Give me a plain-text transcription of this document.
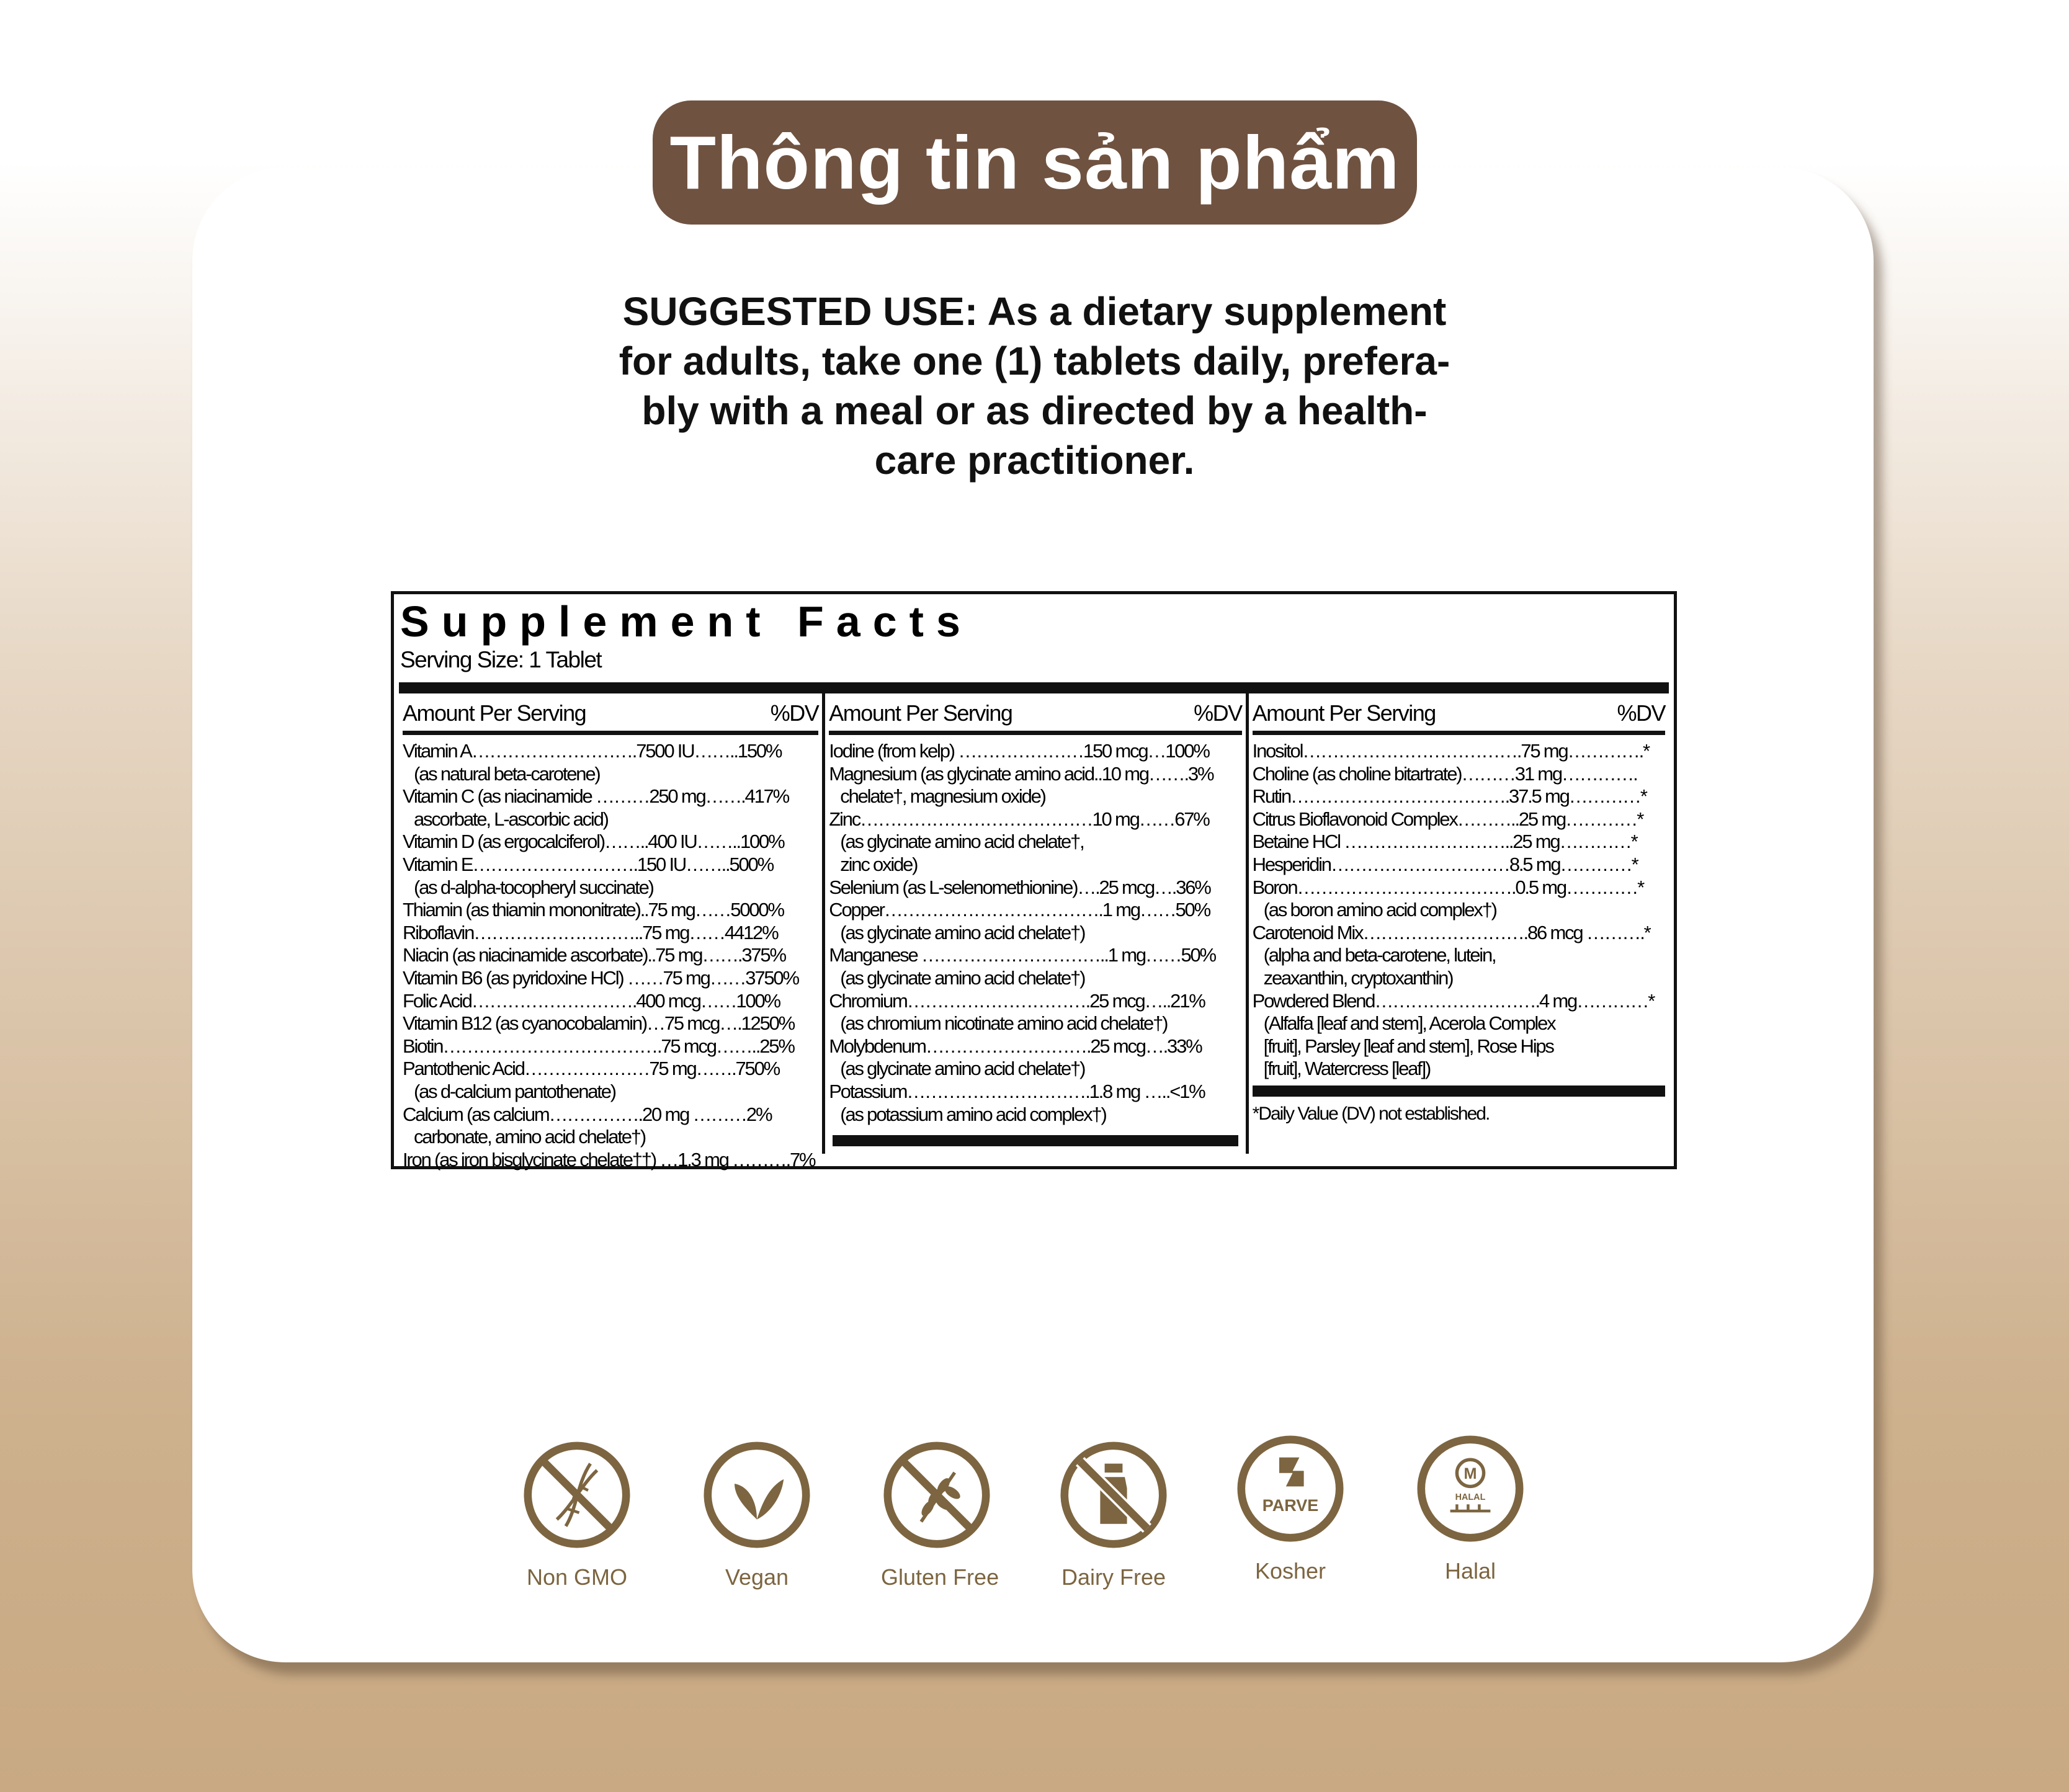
Thông tin sản phẩm
SUGGESTED USE: As a dietary supplement
for adults, take one (1) tablets daily, prefera-
bly with a meal or as directed by a health-
care practitioner.
Supplement Facts
Serving Size: 1 Tablet
Amount Per Serving	%DV
Vitamin A……………………….7500 IU……..150%
(as natural beta-carotene)
Vitamin C (as niacinamide ………250 mg…….417%
ascorbate, L-ascorbic acid)
Vitamin D (as ergocalciferol)……..400 IU……..100%
Vitamin E……………………….150 IU……..500%
(as d-alpha-tocopheryl succinate)
Thiamin (as thiamin mononitrate)..75 mg……5000%
Riboflavin………………………..75 mg……4412%
Niacin (as niacinamide ascorbate)..75 mg…….375%
Vitamin B6 (as pyridoxine HCl) ……75 mg……3750%
Folic Acid……………………….400 mcg……100%
Vitamin B12 (as cyanocobalamin)…75 mcg….1250%
Biotin……………………………….75 mcg……..25%
Pantothenic Acid…………………75 mg…….750%
(as d-calcium pantothenate)
Calcium (as calcium…………….20 mg ………2%
carbonate, amino acid chelate†)
Iron (as iron bisglycinate chelate††) …1.3 mg ……….7%
Amount Per Serving	%DV
Iodine (from kelp) …………………150 mcg…100%
Magnesium (as glycinate amino acid..10 mg…….3%
chelate†, magnesium oxide)
Zinc…………………………………10 mg……67%
(as glycinate amino acid chelate†,
zinc oxide)
Selenium (as L-selenomethionine)….25 mcg….36%
Copper……………………………….1 mg……50%
(as glycinate amino acid chelate†)
Manganese …………………………..1 mg……50%
(as glycinate amino acid chelate†)
Chromium………………………….25 mcg…..21%
(as chromium nicotinate amino acid chelate†)
Molybdenum……………………….25 mcg….33%
(as glycinate amino acid chelate†)
Potassium………………………….1.8 mg …..<1%
(as potassium amino acid complex†)
Amount Per Serving	%DV
Inositol……………………………….75 mg………….*
Choline (as choline bitartrate)………31 mg………….
Rutin……………………………….37.5 mg…………*
Citrus Bioflavonoid Complex………..25 mg…………*
Betaine HCl ………………………..25 mg…………*
Hesperidin…………………………8.5 mg…………*
Boron……………………………….0.5 mg…………*
(as boron amino acid complex†)
Carotenoid Mix……………………….86 mcg ……….*
(alpha and beta-carotene, lutein,
zeaxanthin, cryptoxanthin)
Powdered Blend……………………….4 mg…………*
(Alfalfa [leaf and stem], Acerola Complex
[fruit], Parsley [leaf and stem], Rose Hips
[fruit], Watercress [leaf])
*Daily Value (DV) not established.
Non GMO	Vegan	Gluten Free	Dairy Free
PARVE
Kosher
M
HALAL
Halal
